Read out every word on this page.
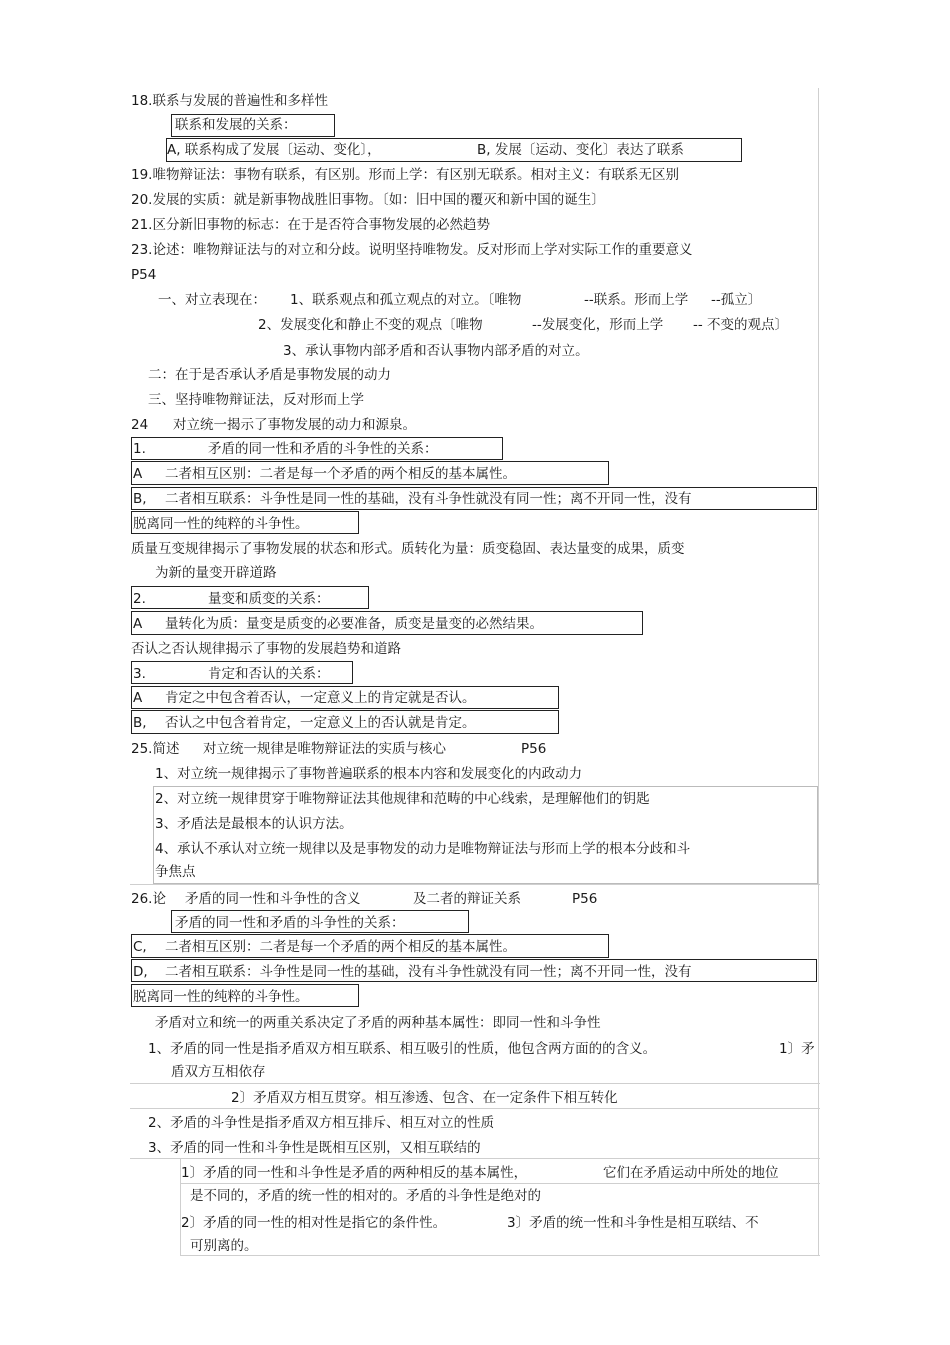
18.联系与发展的普遍性和多样性
联系和发展的关系：
A, 联系构成了发展〔运动、变化〕，	B, 发展〔运动、变化〕表达了联系
19.唯物辩证法：事物有联系，有区别。形而上学：有区别无联系。相对主义：有联系无区别
20.发展的实质：就是新事物战胜旧事物。〔如：旧中国的覆灭和新中国的诞生〕
21.区分新旧事物的标志：在于是否符合事物发展的必然趋势
23.论述：唯物辩证法与的对立和分歧。说明坚持唯物发。反对形而上学对实际工作的重要意义
P54
一、对立表现在： 1、联系观点和孤立观点的对立。〔唯物	--联系。形而上学 --孤立〕
2、发展变化和静止不变的观点〔唯物	--发展变化，形而上学 -- 不变的观点〕
3、承认事物内部矛盾和否认事物内部矛盾的对立。
二：在于是否承认矛盾是事物发展的动力
三、坚持唯物辩证法，反对形而上学
24 对立统一揭示了事物发展的动力和源泉。
1.	矛盾的同一性和矛盾的斗争性的关系：
A 二者相互区别：二者是每一个矛盾的两个相反的基本属性。
B, 二者相互联系：斗争性是同一性的基础，没有斗争性就没有同一性；离不开同一性，没有
脱离同一性的纯粹的斗争性。
质量互变规律揭示了事物发展的状态和形式。质转化为量：质变稳固、表达量变的成果，质变
为新的量变开辟道路
2.	量变和质变的关系：
A 量转化为质：量变是质变的必要准备，质变是量变的必然结果。
否认之否认规律揭示了事物的发展趋势和道路
3.	肯定和否认的关系：
A 肯定之中包含着否认，一定意义上的肯定就是否认。
B, 否认之中包含着肯定，一定意义上的否认就是肯定。
25.简述 对立统一规律是唯物辩证法的实质与核心	P56
1、对立统一规律揭示了事物普遍联系的根本内容和发展变化的内政动力
2、对立统一规律贯穿于唯物辩证法其他规律和范畴的中心线索，是理解他们的钥匙
3、矛盾法是最根本的认识方法。
4、承认不承认对立统一规律以及是事物发的动力是唯物辩证法与形而上学的根本分歧和斗
争焦点
26.论 矛盾的同一性和斗争性的含义	及二者的辩证关系	P56
矛盾的同一性和矛盾的斗争性的关系：
C, 二者相互区别：二者是每一个矛盾的两个相反的基本属性。
D, 二者相互联系：斗争性是同一性的基础，没有斗争性就没有同一性；离不开同一性，没有
脱离同一性的纯粹的斗争性。
矛盾对立和统一的两重关系决定了矛盾的两种基本属性：即同一性和斗争性
1、矛盾的同一性是指矛盾双方相互联系、相互吸引的性质，他包含两方面的的含义。	1〕矛
盾双方互相依存
2〕矛盾双方相互贯穿。相互渗透、包含、在一定条件下相互转化
2、矛盾的斗争性是指矛盾双方相互排斥、相互对立的性质
3、矛盾的同一性和斗争性是既相互区别，又相互联结的
1〕矛盾的同一性和斗争性是矛盾的两种相反的基本属性，	它们在矛盾运动中所处的地位
是不同的，矛盾的统一性的相对的。矛盾的斗争性是绝对的
2〕矛盾的同一性的相对性是指它的条件性。	3〕矛盾的统一性和斗争性是相互联结、不
可别离的。
